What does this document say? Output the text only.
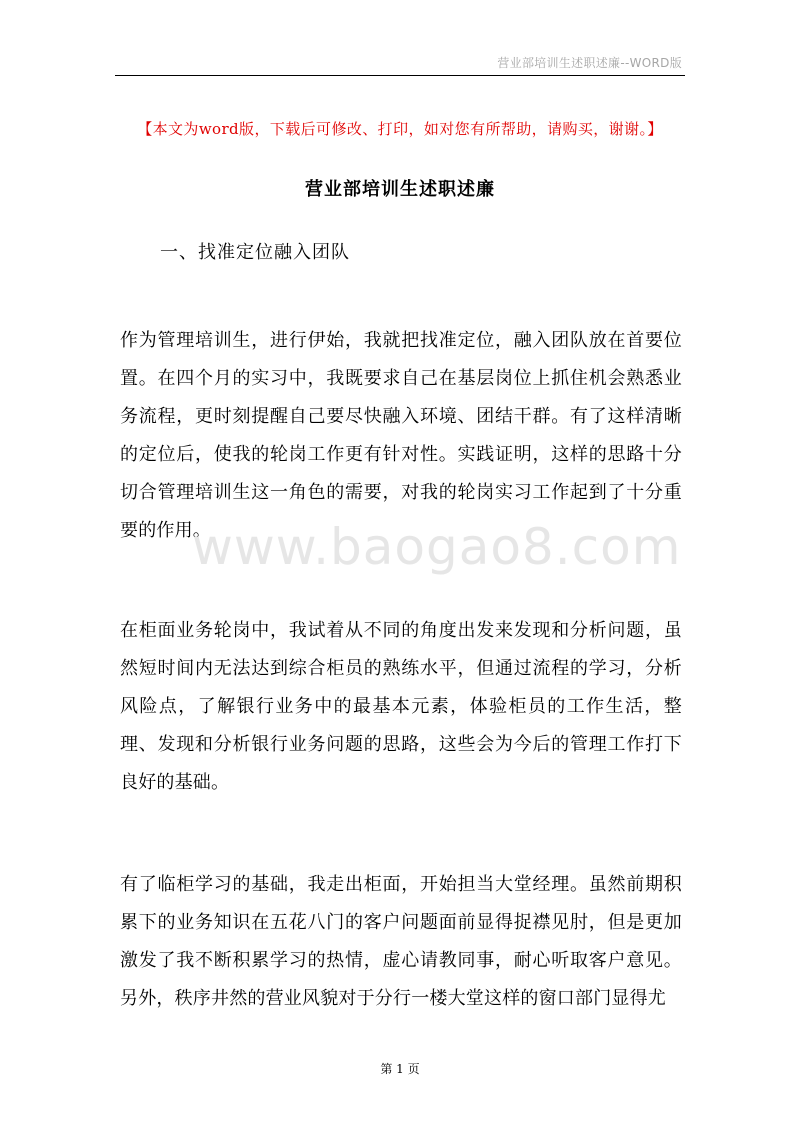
营业部培训生述职述廉--WORD版
【本文为word版，下载后可修改、打印，如对您有所帮助，请购买，谢谢。】
营业部培训生述职述廉
一、找准定位融入团队

作为管理培训生，进行伊始，我就把找准定位，融入团队放在首要位置。在四个月的实习中，我既要求自己在基层岗位上抓住机会熟悉业务流程，更时刻提醒自己要尽快融入环境、团结干群。有了这样清晰的定位后，使我的轮岗工作更有针对性。实践证明，这样的思路十分切合管理培训生这一角色的需要，对我的轮岗实习工作起到了十分重要的作用。

在柜面业务轮岗中，我试着从不同的角度出发来发现和分析问题，虽然短时间内无法达到综合柜员的熟练水平，但通过流程的学习，分析风险点，了解银行业务中的最基本元素，体验柜员的工作生活，整理、发现和分析银行业务问题的思路，这些会为今后的管理工作打下良好的基础。

有了临柜学习的基础，我走出柜面，开始担当大堂经理。虽然前期积累下的业务知识在五花八门的客户问题面前显得捉襟见肘，但是更加激发了我不断积累学习的热情，虚心请教同事，耐心听取客户意见。另外，秩序井然的营业风貌对于分行一楼大堂这样的窗口部门显得尤

www.baogao8.com
第 1 页
